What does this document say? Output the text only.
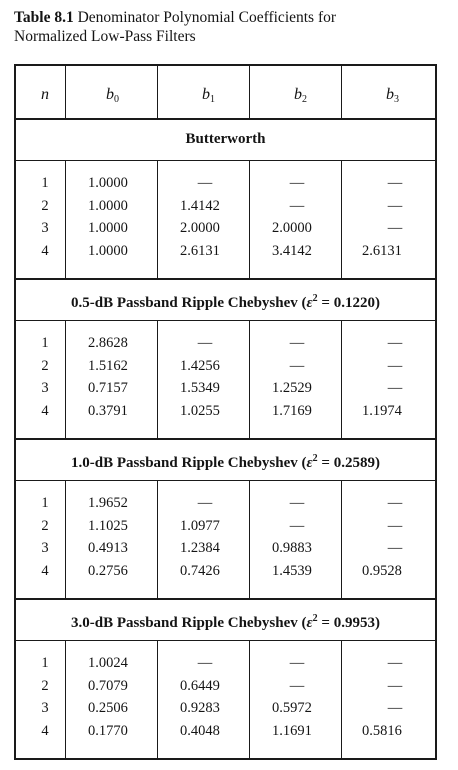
Table 8.1 Denominator Polynomial Coefficients for
Normalized Low-Pass Filters
n	$b_0$	$b_1$	$b_2$	$b_3$
Butterworth
1	1.0000	—	—	—
2	1.0000	1.4142	—	—
3	1.0000	2.0000	2.0000	—
4	1.0000	2.6131	3.4142	2.6131
0.5-dB Passband Ripple Chebyshev $(\varepsilon^2 = 0.1220)$
1	2.8628	—	—	—
2	1.5162	1.4256	—	—
3	0.7157	1.5349	1.2529	—
4	0.3791	1.0255	1.7169	1.1974
1.0-dB Passband Ripple Chebyshev $(\varepsilon^2 = 0.2589)$
1	1.9652	—	—	—
2	1.1025	1.0977	—	—
3	0.4913	1.2384	0.9883	—
4	0.2756	0.7426	1.4539	0.9528
3.0-dB Passband Ripple Chebyshev $(\varepsilon^2 = 0.9953)$
1	1.0024	—	—	—
2	0.7079	0.6449	—	—
3	0.2506	0.9283	0.5972	—
4	0.1770	0.4048	1.1691	0.5816
